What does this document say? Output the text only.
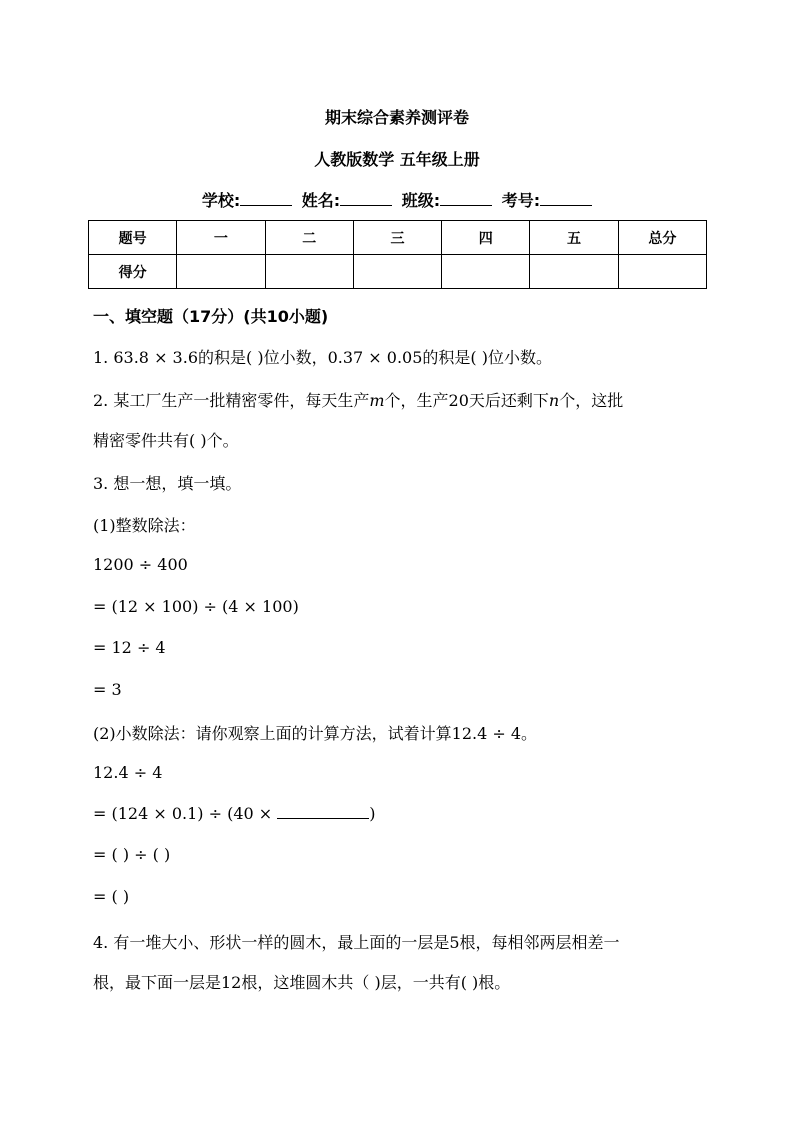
期末综合素养测评卷
人教版数学 五年级上册
学校:	姓名:	班级:	考号:
题号	一	二	三	四	五	总分
得分						
一、填空题（17分）(共10小题)
1. 63.8 × 3.6的积是( )位小数，0.37 × 0.05的积是( )位小数。
2. 某工厂生产一批精密零件，每天生产m个，生产20天后还剩下n个，这批
精密零件共有( )个。
3. 想一想，填一填。
(1)整数除法：
1200 ÷ 400
= (12 × 100) ÷ (4 × 100)
= 12 ÷ 4
= 3
(2)小数除法：请你观察上面的计算方法，试着计算12.4 ÷ 4。
12.4 ÷ 4
= (124 × 0.1) ÷ (40 ×	)
= ( ) ÷ ( )
= ( )
4. 有一堆大小、形状一样的圆木，最上面的一层是5根，每相邻两层相差一
根，最下面一层是12根，这堆圆木共（ )层，一共有( )根。
